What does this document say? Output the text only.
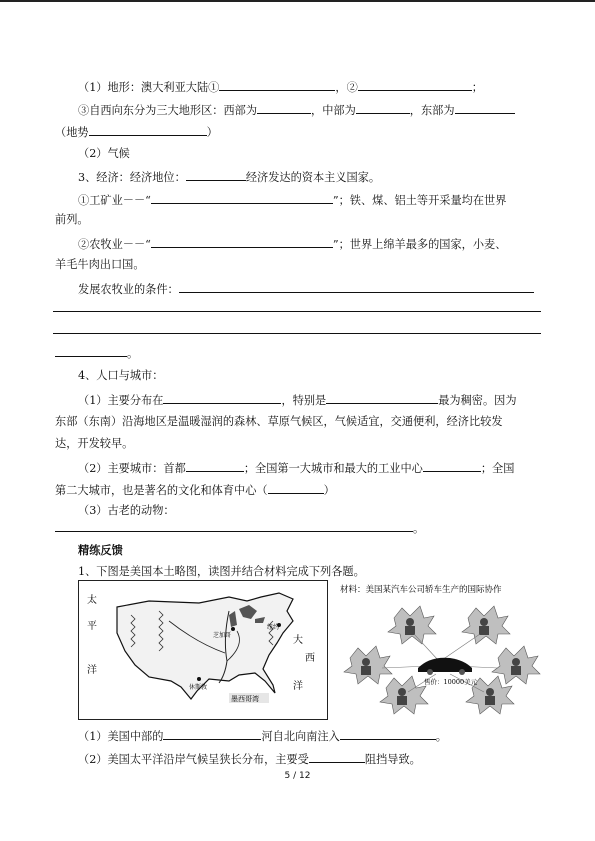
（1）地形：澳大利亚大陆①	，②	；
③自西向东分为三大地形区：西部为	，中部为	，东部为
（地势	）
（2）气候
3、经济：经济地位：	经济发达的资本主义国家。
①工矿业－－“	”；铁、煤、铝土等开采量均在世界
前列。
②农牧业－－“	”；世界上绵羊最多的国家，小麦、
羊毛牛肉出口国。
发展农牧业的条件：
。
4、人口与城市：
（1）主要分布在	，特别是	最为稠密。因为
东部（东南）沿海地区是温暖湿润的森林、草原气候区，气候适宜，交通便利，经济比较发
达，开发较早。
（2）主要城市：首都	；全国第一大城市和最大的工业中心	；全国
第二大城市，也是著名的文化和体育中心（	）
（3）古老的动物：
。
精练反馈
1、下图是美国本土略图，读图并结合材料完成下列各题。
太
平
洋
大
西
洋
墨西哥湾
纽约
芝加哥
休斯敦
材料：美国某汽车公司轿车生产的国际协作
售价：10000美元
（1）美国中部的	河自北向南注入	。
（2）美国太平洋沿岸气候呈狭长分布，主要受	阻挡导致。
5 / 12
